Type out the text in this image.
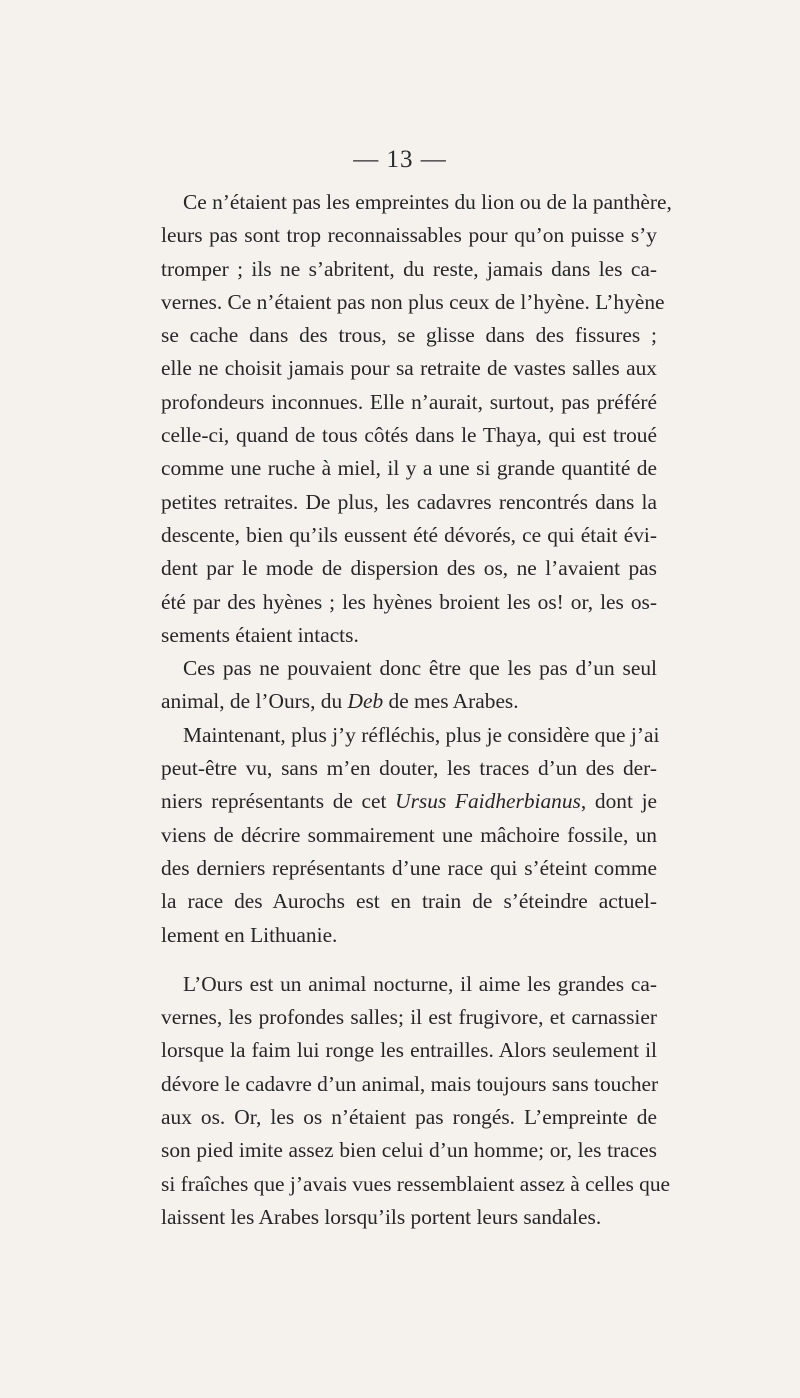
— 13 —

Ce n’étaient pas les empreintes du lion ou de la panthère,
leurs pas sont trop reconnaissables pour qu’on puisse s’y
tromper ; ils ne s’abritent, du reste, jamais dans les ca-
vernes. Ce n’étaient pas non plus ceux de l’hyène. L’hyène
se cache dans des trous, se glisse dans des fissures ;
elle ne choisit jamais pour sa retraite de vastes salles aux
profondeurs inconnues. Elle n’aurait, surtout, pas préféré
celle-ci, quand de tous côtés dans le Thaya, qui est troué
comme une ruche à miel, il y a une si grande quantité de
petites retraites. De plus, les cadavres rencontrés dans la
descente, bien qu’ils eussent été dévorés, ce qui était évi-
dent par le mode de dispersion des os, ne l’avaient pas
été par des hyènes ; les hyènes broient les os! or, les os-
sements étaient intacts.

Ces pas ne pouvaient donc être que les pas d’un seul
animal, de l’Ours, du Deb de mes Arabes.

Maintenant, plus j’y réfléchis, plus je considère que j’ai
peut-être vu, sans m’en douter, les traces d’un des der-
niers représentants de cet Ursus Faidherbianus, dont je
viens de décrire sommairement une mâchoire fossile, un
des derniers représentants d’une race qui s’éteint comme
la race des Aurochs est en train de s’éteindre actuel-
lement en Lithuanie.

L’Ours est un animal nocturne, il aime les grandes ca-
vernes, les profondes salles; il est frugivore, et carnassier
lorsque la faim lui ronge les entrailles. Alors seulement il
dévore le cadavre d’un animal, mais toujours sans toucher
aux os. Or, les os n’étaient pas rongés. L’empreinte de
son pied imite assez bien celui d’un homme; or, les traces
si fraîches que j’avais vues ressemblaient assez à celles que
laissent les Arabes lorsqu’ils portent leurs sandales.
